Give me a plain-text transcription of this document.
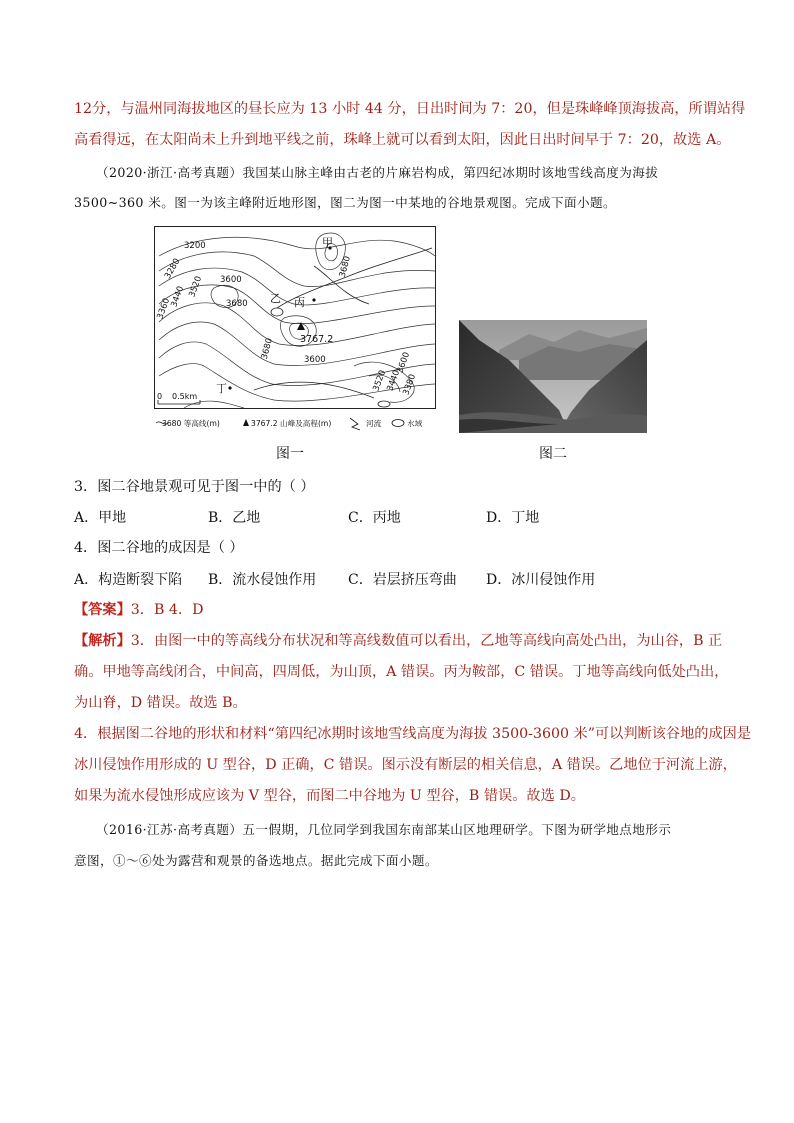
12分，与温州同海拔地区的昼长应为 13 小时 44 分，日出时间为 7：20，但是珠峰峰顶海拔高，所谓站得
高看得远，在太阳尚未上升到地平线之前，珠峰上就可以看到太阳，因此日出时间早于 7：20，故选 A。
（2020·浙江·高考真题）我国某山脉主峰由古老的片麻岩构成，第四纪冰期时该地雪线高度为海拔
3500~360 米。图一为该主峰附近地形图，图二为图一中某地的谷地景观图。完成下面小题。
3200
3280
3360
3440 3520 3600
3680
3680
3600
3680
3600
3520
3440 3380
3767.2
甲
乙 丙
丁
0 0.5km
3680 等高线(m)	3767.2 山峰及高程(m)	河流	水域
图一	图二
3．图二谷地景观可见于图一中的（ ）
A．甲地	B．乙地	C．丙地	D．丁地
4．图二谷地的成因是（ ）
A．构造断裂下陷 B．流水侵蚀作用 C．岩层挤压弯曲 D．冰川侵蚀作用
【答案】3．B 4．D
【解析】3．由图一中的等高线分布状况和等高线数值可以看出，乙地等高线向高处凸出，为山谷，B 正
确。甲地等高线闭合，中间高，四周低，为山顶，A 错误。丙为鞍部，C 错误。丁地等高线向低处凸出，
为山脊，D 错误。故选 B。
4．根据图二谷地的形状和材料“第四纪冰期时该地雪线高度为海拔 3500-3600 米”可以判断该谷地的成因是
冰川侵蚀作用形成的 U 型谷，D 正确，C 错误。图示没有断层的相关信息，A 错误。乙地位于河流上游，
如果为流水侵蚀形成应该为 V 型谷，而图二中谷地为 U 型谷，B 错误。故选 D。
（2016·江苏·高考真题）五一假期，几位同学到我国东南部某山区地理研学。下图为研学地点地形示
意图，①～⑥处为露营和观景的备选地点。据此完成下面小题。
